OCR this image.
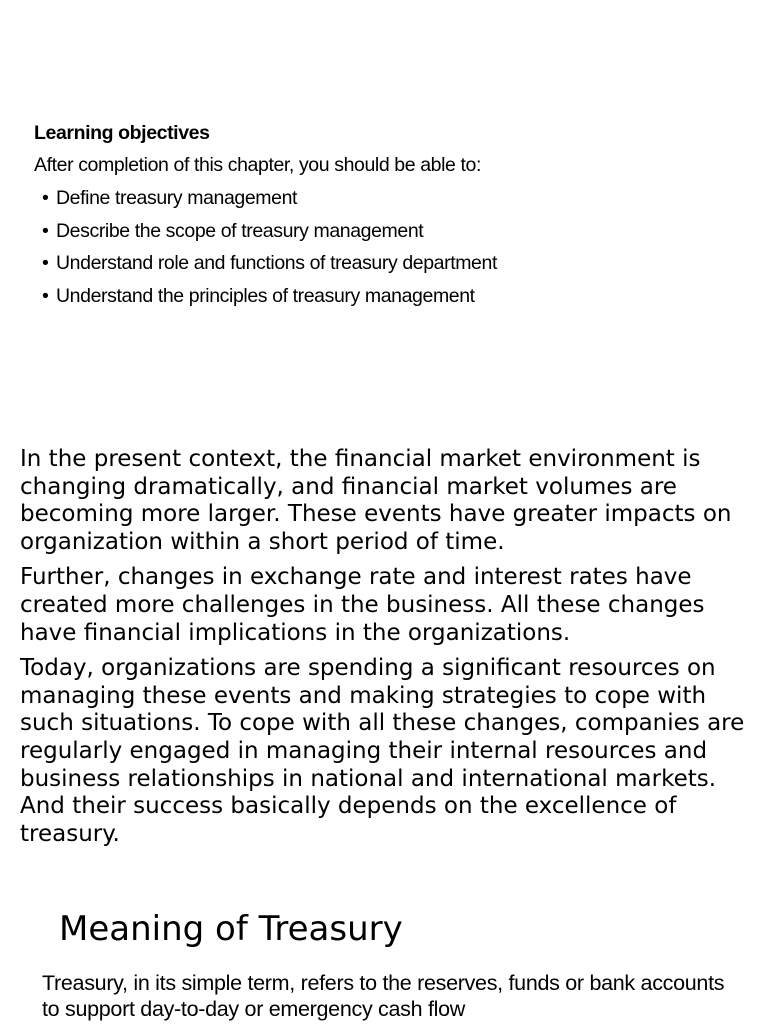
Learning objectives
After completion of this chapter, you should be able to:
• Define treasury management
• Describe the scope of treasury management
• Understand role and functions of treasury department
• Understand the principles of treasury management

In the present context, the financial market environment is changing dramatically, and financial market volumes are becoming more larger. These events have greater impacts on organization within a short period of time.

Further, changes in exchange rate and interest rates have created more challenges in the business. All these changes have financial implications in the organizations.

Today, organizations are spending a significant resources on managing these events and making strategies to cope with such situations. To cope with all these changes, companies are regularly engaged in managing their internal resources and business relationships in national and international markets. And their success basically depends on the excellence of treasury.

Meaning of Treasury

Treasury, in its simple term, refers to the reserves, funds or bank accounts to support day-to-day or emergency cash flow
